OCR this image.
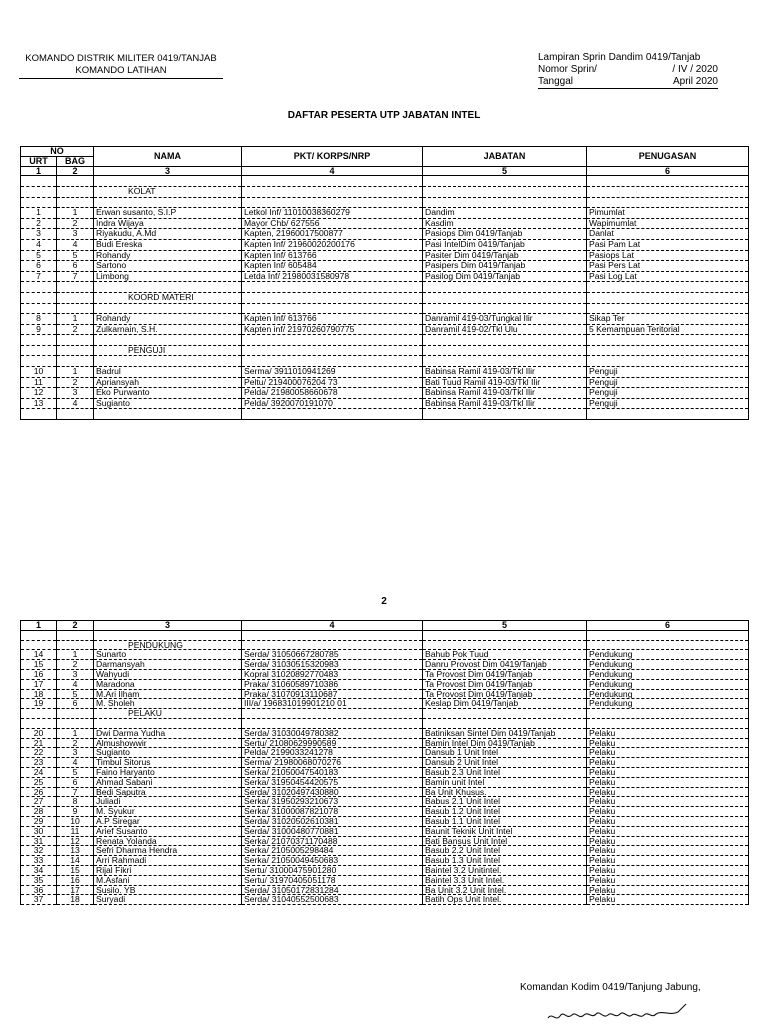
KOMANDO DISTRIK MILITER 0419/TANJAB

KOMANDO LATIHAN
Lampiran Sprin Dandim 0419/Tanjab
Nomor Sprin/	/ IV / 2020
Tanggal	April 2020
DAFTAR PESERTA UTP JABATAN INTEL
NO		NAMA	PKT/ KORPS/NRP	JABATAN	PENUGASAN
URT	BAG				
1	2	3	4	5	6

		KOLAT			

1	1	Erwan susanto, S.I.P	Letkol Inf/ 11010038360279	Dandim	Pimumlat
2	2	Indra Wijaya	Mayor Chb/ 627556	Kasdim	Wapimumlat
3	3	Riyakudu, A.Md	Kapten, 21960017500877	Pasiops Dim 0419/Tanjab	Danlat
4	4	Budi Ereska	Kapten Inf/ 21960020200176	Pasi IntelDim 0419/Tanjab	Pasi Pam Lat
5	5	Rohandy	Kapten Inf/ 613766	Pasiter Dim 0419/Tanjab	Pasiops Lat
6	6	Sartono	Kapten Inf/ 605484	Pasipers Dim 0419/Tanjab	Pasi Pers Lat
7	7	Limbong	Letda Inf/ 21980031580978	Pasilog Dim 0419/Tanjab	Pasi Log Lat

		KOORD MATERI			

8	1	Rohandy	Kapten Inf/ 613766	Danramil 419-03/Tungkal Ilir	Sikap Ter
9	2	Zulkarnain, S.H.	Kapten inf/ 21970260790775	Danramil 419-02/Tkl Ulu	5 Kemampuan Teritorial

		PENGUJI			

10	1	Badrul	Serma/ 3911010941269	Babinsa Ramil 419-03/Tkl Ilir	Penguji
11	2	Apriansyah	Peltu/ 219400076204 73	Bati Tuud Ramil 419-03/Tkl Ilir	Penguji
12	3	Eko Purwanto	Pelda/ 21980058660678	Babinsa Ramil 419-03/Tkl Ilir	Penguji
13	4	Sugianto	Pelda/ 3920070191070	Babinsa Ramil 419-03/Tkl Ilir	Penguji

2
1	2	3	4	5	6

		PENDUKUNG			
14	1	Sunarto	Serda/ 31050667280785	Bahub Pok Tuud	Pendukung
15	2	Darmansyah	Serda/ 31030515320983	Danru Provost Dim 0419/Tanjab	Pendukung
16	3	Wahyudi	Kopral 31020892770483	Ta Provost Dim 0419/Tanjab	Pendukung
17	4	Maradona	Praka/ 31060589710386	Ta Provost Dim 0419/Tanjab	Pendukung
18	5	M.Ari Ilham	Praka/ 31070913110687	Ta Provost Dim 0419/Tanjab	Pendukung
19	6	M. Sholeh	III/a/ 196831019901210 01	Keslap Dim 0419/Tanjab	Pendukung
		PELAKU			

20	1	Dwi Darma Yudha	Serda/ 31030049780382	Batiniksan Sintel Dim 0419/Tanjab	Pelaku
21	2	Almushowwir	Sertu/ 21080629990589	Bamin Intel Dim 0419/Tanjab	Pelaku
22	3	Sugianto	Pelda/ 2199033241278	Dansub 1 Unit Intel	Pelaku
23	4	Timbul Sitorus	Serma/ 21980068070276	Dansub 2 Unit Intel	Pelaku
24	5	Faino Haryanto	Serka/ 21050047540183	Basub 2.3 Unit Intel	Pelaku
25	6	Ahmad Sabani	Serka/ 31950454420575	Bamin unit Intel	Pelaku
26	7	Bedi Saputra	Serda/ 31020497430880	Ba Unit Khusus.	Pelaku
27	8	Juliadi	Serka/ 31950293210673	Babus 2.1 Unit Intel	Pelaku
28	9	M. Syukur	Serka/ 31000087821078	Basub 1.2 Unit Intel	Pelaku
29	10	A.P Siregar	Serda/ 31020502610381	Basub 1.1 Unit Intel	Pelaku
30	11	Arief Susanto	Serda/ 31000480770881	Baunit Teknik Unit Intel	Pelaku
31	12	Renata Yolanda	Serka/ 21070371170488	Bati Bansus Unit Intel	Pelaku
32	13	Sefri Dharma Hendra	Serka/ 2105005298484	Basub 2.2 Unit Intel	Pelaku
33	14	Arri Rahmadi	Serka/ 21050049450683	Basub 1.3 Unit Intel	Pelaku
34	15	Rijal Fikri	Sertu/ 31000475901280	Baintel 3.2 Unitintel.	Pelaku
35	16	M.Asfani	Sertu/ 31970405051178	Baintel 3.3 Unit Intel.	Pelaku
36	17	Susilo. YB	Serda/ 31050172831284	Ba Unit 3.2 Unit Intel.	Pelaku
37	18	Suryadi	Serda/ 31040552500683	Batih Ops Unit Intel.	Pelaku
Komandan Kodim 0419/Tanjung Jabung,
